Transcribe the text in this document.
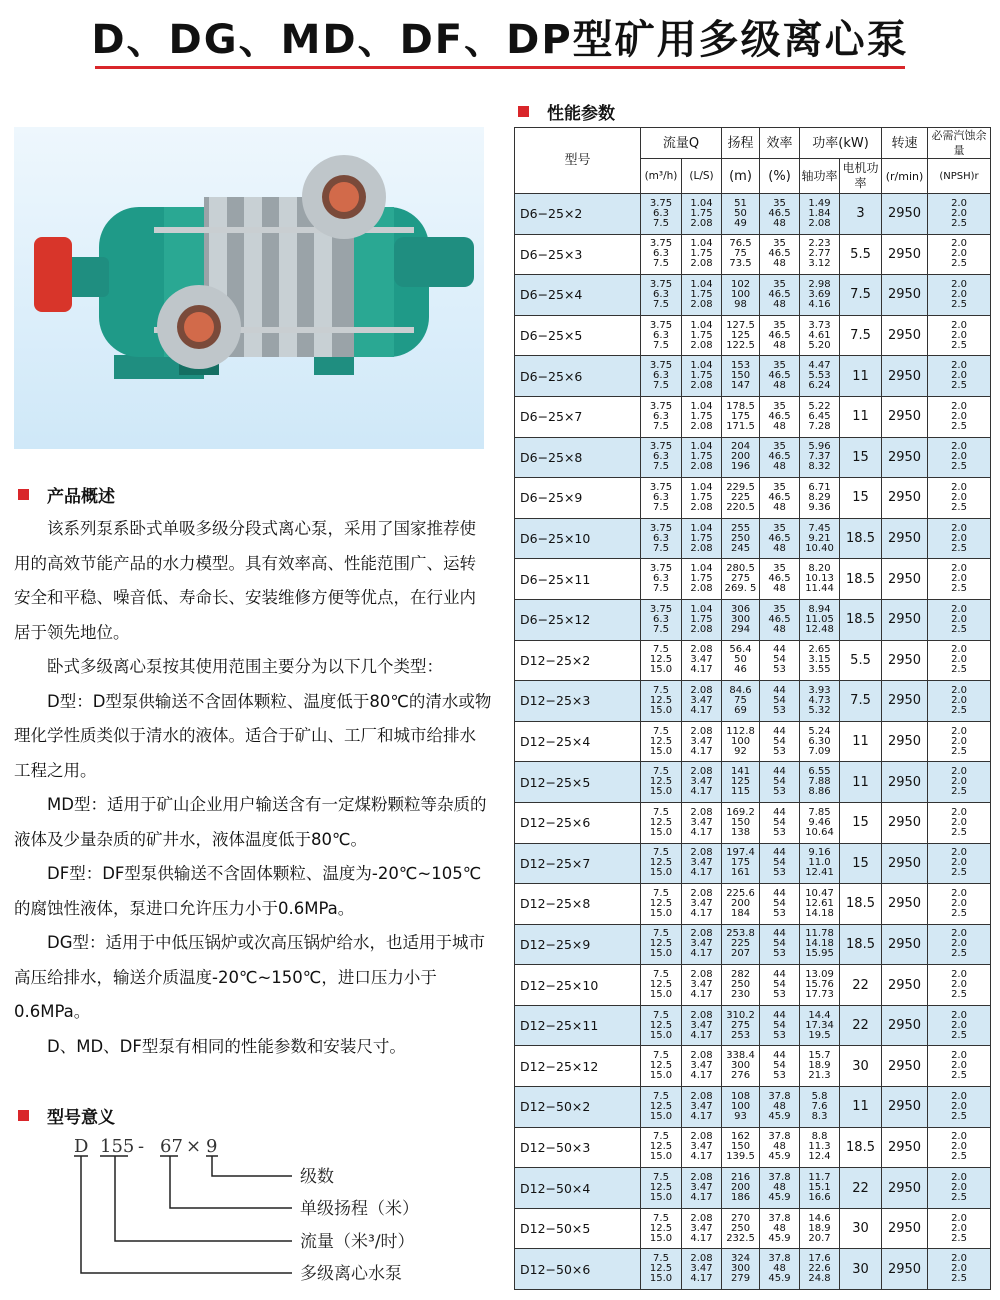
D、DG、MD、DF、DP型矿用多级离心泵
性能参数
产品概述

该系列泵系卧式单吸多级分段式离心泵，采用了国家推荐使用的高效节能产品的水力模型。具有效率高、性能范围广、运转安全和平稳、噪音低、寿命长、安装维修方便等优点，在行业内居于领先地位。

卧式多级离心泵按其使用范围主要分为以下几个类型：

D型：D型泵供输送不含固体颗粒、温度低于80℃的清水或物理化学性质类似于清水的液体。适合于矿山、工厂和城市给排水工程之用。

MD型：适用于矿山企业用户输送含有一定煤粉颗粒等杂质的液体及少量杂质的矿井水，液体温度低于80℃。

DF型：DF型泵供输送不含固体颗粒、温度为-20℃~105℃的腐蚀性液体，泵进口允许压力小于0.6MPa。

DG型：适用于中低压锅炉或次高压锅炉给水，也适用于城市高压给排水，输送介质温度-20℃~150℃，进口压力小于0.6MPa。

D、MD、DF型泵有相同的性能参数和安装尺寸。

型号意义
D 155 - 67 × 9
级数
单级扬程（米）
流量（米³/时）
多级离心水泵
型号	流量Q		扬程	效率	功率(kW)		转速	必需汽蚀余量
	(m³/h)	(L/S)	(m)	(%)	轴功率	电机功率	(r/min)	(NPSH)r
D6−25×2	3.75
6.3
7.5	1.04
1.75
2.08	51
50
49	35
46.5
48	1.49
1.84
2.08	3	2950	2.0
2.0
2.5

D6−25×3	3.75
6.3
7.5	1.04
1.75
2.08	76.5
75
73.5	35
46.5
48	2.23
2.77
3.12	5.5	2950	2.0
2.0
2.5

D6−25×4	3.75
6.3
7.5	1.04
1.75
2.08	102
100
98	35
46.5
48	2.98
3.69
4.16	7.5	2950	2.0
2.0
2.5

D6−25×5	3.75
6.3
7.5	1.04
1.75
2.08	127.5
125
122.5	35
46.5
48	3.73
4.61
5.20	7.5	2950	2.0
2.0
2.5

D6−25×6	3.75
6.3
7.5	1.04
1.75
2.08	153
150
147	35
46.5
48	4.47
5.53
6.24	11	2950	2.0
2.0
2.5

D6−25×7	3.75
6.3
7.5	1.04
1.75
2.08	178.5
175
171.5	35
46.5
48	5.22
6.45
7.28	11	2950	2.0
2.0
2.5

D6−25×8	3.75
6.3
7.5	1.04
1.75
2.08	204
200
196	35
46.5
48	5.96
7.37
8.32	15	2950	2.0
2.0
2.5

D6−25×9	3.75
6.3
7.5	1.04
1.75
2.08	229.5
225
220.5	35
46.5
48	6.71
8.29
9.36	15	2950	2.0
2.0
2.5

D6−25×10	3.75
6.3
7.5	1.04
1.75
2.08	255
250
245	35
46.5
48	7.45
9.21
10.40	18.5	2950	2.0
2.0
2.5

D6−25×11	3.75
6.3
7.5	1.04
1.75
2.08	280.5
275
269. 5	35
46.5
48	8.20
10.13
11.44	18.5	2950	2.0
2.0
2.5

D6−25×12	3.75
6.3
7.5	1.04
1.75
2.08	306
300
294	35
46.5
48	8.94
11.05
12.48	18.5	2950	2.0
2.0
2.5

D12−25×2	7.5
12.5
15.0	2.08
3.47
4.17	56.4
50
46	44
54
53	2.65
3.15
3.55	5.5	2950	2.0
2.0
2.5

D12−25×3	7.5
12.5
15.0	2.08
3.47
4.17	84.6
75
69	44
54
53	3.93
4.73
5.32	7.5	2950	2.0
2.0
2.5

D12−25×4	7.5
12.5
15.0	2.08
3.47
4.17	112.8
100
92	44
54
53	5.24
6.30
7.09	11	2950	2.0
2.0
2.5

D12−25×5	7.5
12.5
15.0	2.08
3.47
4.17	141
125
115	44
54
53	6.55
7.88
8.86	11	2950	2.0
2.0
2.5

D12−25×6	7.5
12.5
15.0	2.08
3.47
4.17	169.2
150
138	44
54
53	7.85
9.46
10.64	15	2950	2.0
2.0
2.5

D12−25×7	7.5
12.5
15.0	2.08
3.47
4.17	197.4
175
161	44
54
53	9.16
11.0
12.41	15	2950	2.0
2.0
2.5

D12−25×8	7.5
12.5
15.0	2.08
3.47
4.17	225.6
200
184	44
54
53	10.47
12.61
14.18	18.5	2950	2.0
2.0
2.5

D12−25×9	7.5
12.5
15.0	2.08
3.47
4.17	253.8
225
207	44
54
53	11.78
14.18
15.95	18.5	2950	2.0
2.0
2.5

D12−25×10	7.5
12.5
15.0	2.08
3.47
4.17	282
250
230	44
54
53	13.09
15.76
17.73	22	2950	2.0
2.0
2.5

D12−25×11	7.5
12.5
15.0	2.08
3.47
4.17	310.2
275
253	44
54
53	14.4
17.34
19.5	22	2950	2.0
2.0
2.5

D12−25×12	7.5
12.5
15.0	2.08
3.47
4.17	338.4
300
276	44
54
53	15.7
18.9
21.3	30	2950	2.0
2.0
2.5

D12−50×2	7.5
12.5
15.0	2.08
3.47
4.17	108
100
93	37.8
48
45.9	5.8
7.6
8.3	11	2950	2.0
2.0
2.5

D12−50×3	7.5
12.5
15.0	2.08
3.47
4.17	162
150
139.5	37.8
48
45.9	8.8
11.3
12.4	18.5	2950	2.0
2.0
2.5

D12−50×4	7.5
12.5
15.0	2.08
3.47
4.17	216
200
186	37.8
48
45.9	11.7
15.1
16.6	22	2950	2.0
2.0
2.5

D12−50×5	7.5
12.5
15.0	2.08
3.47
4.17	270
250
232.5	37.8
48
45.9	14.6
18.9
20.7	30	2950	2.0
2.0
2.5

D12−50×6	7.5
12.5
15.0	2.08
3.47
4.17	324
300
279	37.8
48
45.9	17.6
22.6
24.8	30	2950	2.0
2.0
2.5
